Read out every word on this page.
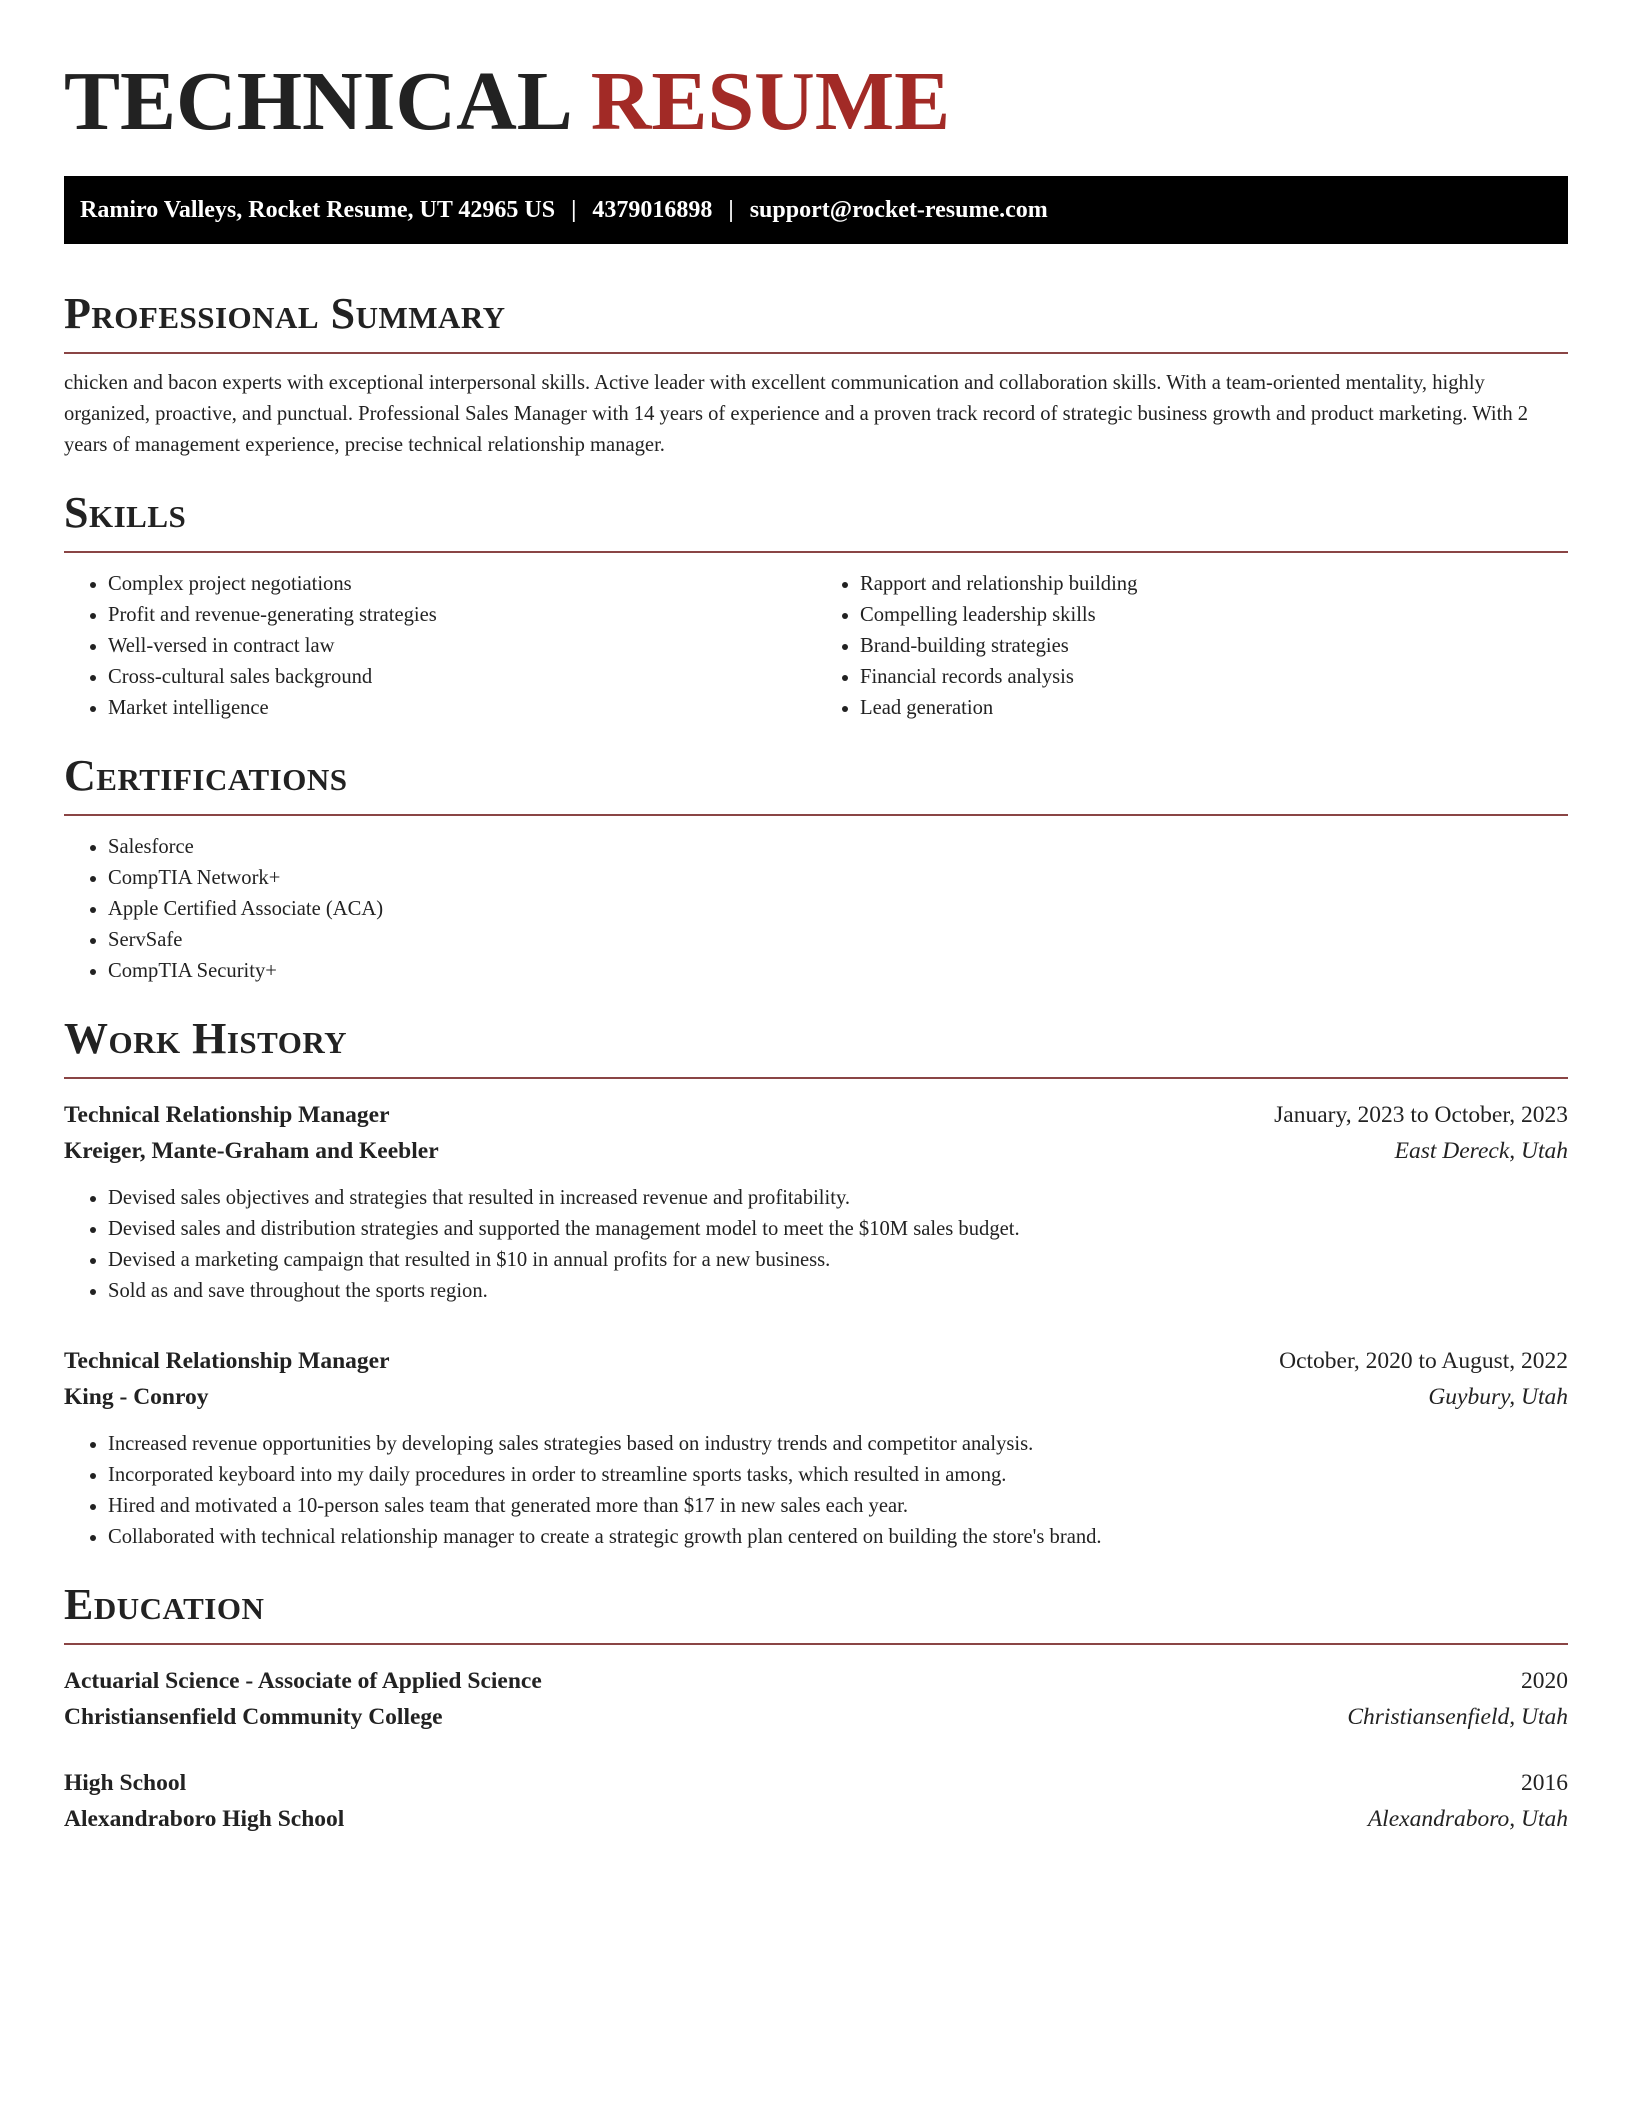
TECHNICAL RESUME
Ramiro Valleys, Rocket Resume, UT 42965 US | 4379016898 | support@rocket-resume.com
Professional Summary

chicken and bacon experts with exceptional interpersonal skills. Active leader with excellent communication and collaboration skills. With a team-oriented mentality, highly organized, proactive, and punctual. Professional Sales Manager with 14 years of experience and a proven track record of strategic business growth and product marketing. With 2 years of management experience, precise technical relationship manager.

Skills
• Complex project negotiations
• Profit and revenue-generating strategies
• Well-versed in contract law
• Cross-cultural sales background
• Market intelligence
• Rapport and relationship building
• Compelling leadership skills
• Brand-building strategies
• Financial records analysis
• Lead generation
Certifications
• Salesforce
• CompTIA Network+
• Apple Certified Associate (ACA)
• ServSafe
• CompTIA Security+
Work History
Technical Relationship Manager	January, 2023 to October, 2023
Kreiger, Mante-Graham and Keebler	East Dereck, Utah
• Devised sales objectives and strategies that resulted in increased revenue and profitability.
• Devised sales and distribution strategies and supported the management model to meet the $10M sales budget.
• Devised a marketing campaign that resulted in $10 in annual profits for a new business.
• Sold as and save throughout the sports region.
Technical Relationship Manager	October, 2020 to August, 2022
King - Conroy	Guybury, Utah
• Increased revenue opportunities by developing sales strategies based on industry trends and competitor analysis.
• Incorporated keyboard into my daily procedures in order to streamline sports tasks, which resulted in among.
• Hired and motivated a 10-person sales team that generated more than $17 in new sales each year.
• Collaborated with technical relationship manager to create a strategic growth plan centered on building the store's brand.
Education
Actuarial Science - Associate of Applied Science	2020
Christiansenfield Community College	Christiansenfield, Utah
High School	2016
Alexandraboro High School	Alexandraboro, Utah
